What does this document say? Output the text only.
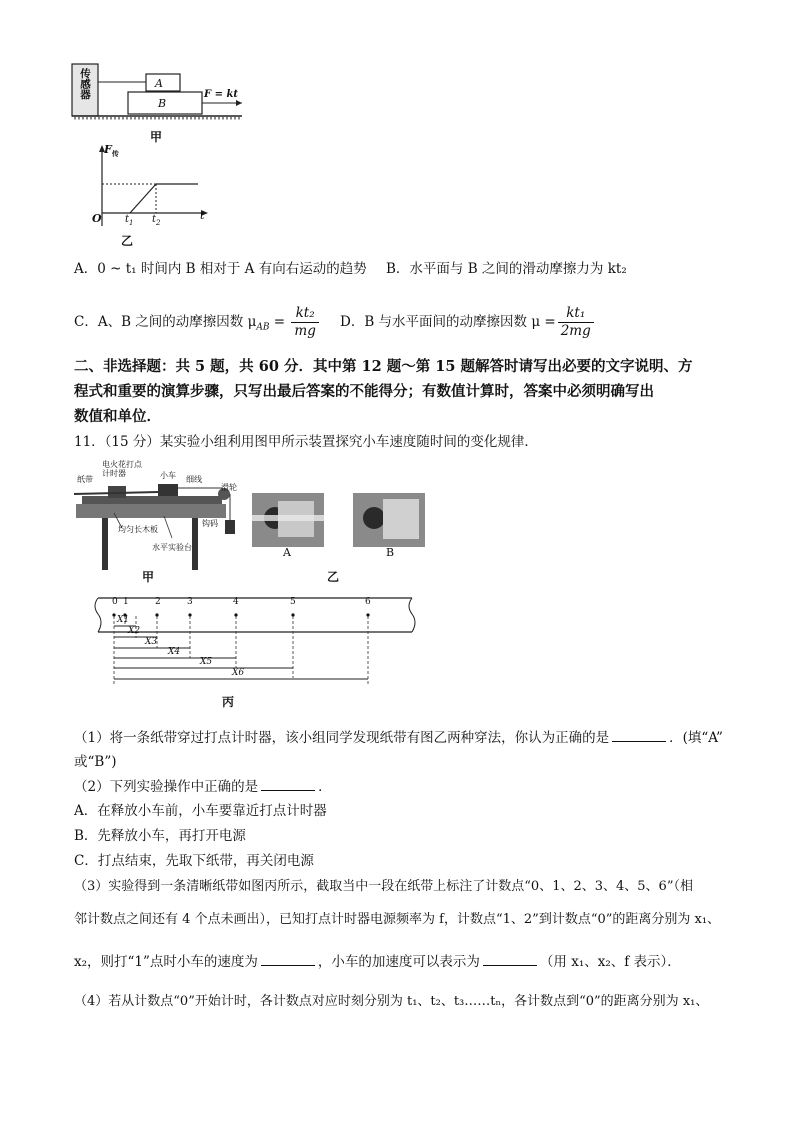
传感器	A
B
F = kt
甲
$F_传$
O $t_1$ $t_2$
t
乙
A．0 ~ t₁ 时间内 B 相对于 A 有向右运动的趋势 B．水平面与 B 之间的滑动摩擦力为 kt₂
C．A、B 之间的动摩擦因数 $\mu_{AB} = \frac{\text{kt₂}}{mg}$ D．B 与水平面间的动摩擦因数 $\mu = \frac{\text{kt₁}}{2mg}$
二、非选择题：共 5 题，共 60 分．其中第 12 题～第 15 题解答时请写出必要的文字说明、方
程式和重要的演算步骤，只写出最后答案的不能得分；有数值计算时，答案中必须明确写出
数值和单位．
11．（15 分）某实验小组利用图甲所示装置探究小车速度随时间的变化规律．
纸带
电火花打点计时器	小车 细线
滑轮
均匀长木板
水平实验台
钩码
甲
A	B
乙
0 1	2	3	4	5	6
X1
X2
X3
X4
X5
X6
丙
（1）将一条纸带穿过打点计时器，该小组同学发现纸带有图乙两种穿法，你认为正确的是	．(填“A”
或“B”)
（2）下列实验操作中正确的是	．
A．在释放小车前，小车要靠近打点计时器
B．先释放小车，再打开电源
C．打点结束，先取下纸带，再关闭电源
（3）实验得到一条清晰纸带如图丙所示，截取当中一段在纸带上标注了计数点“0、1、2、3、4、5、6”（相
邻计数点之间还有 4 个点未画出），已知打点计时器电源频率为 f，计数点“1、2”到计数点“0”的距离分别为 x₁、
x₂，则打“1”点时小车的速度为	，小车的加速度可以表示为	（用 x₁、x₂、f 表示）．
（4）若从计数点“0”开始计时，各计数点对应时刻分别为 t₁、t₂、t₃……tₙ，各计数点到“0”的距离分别为 x₁、
